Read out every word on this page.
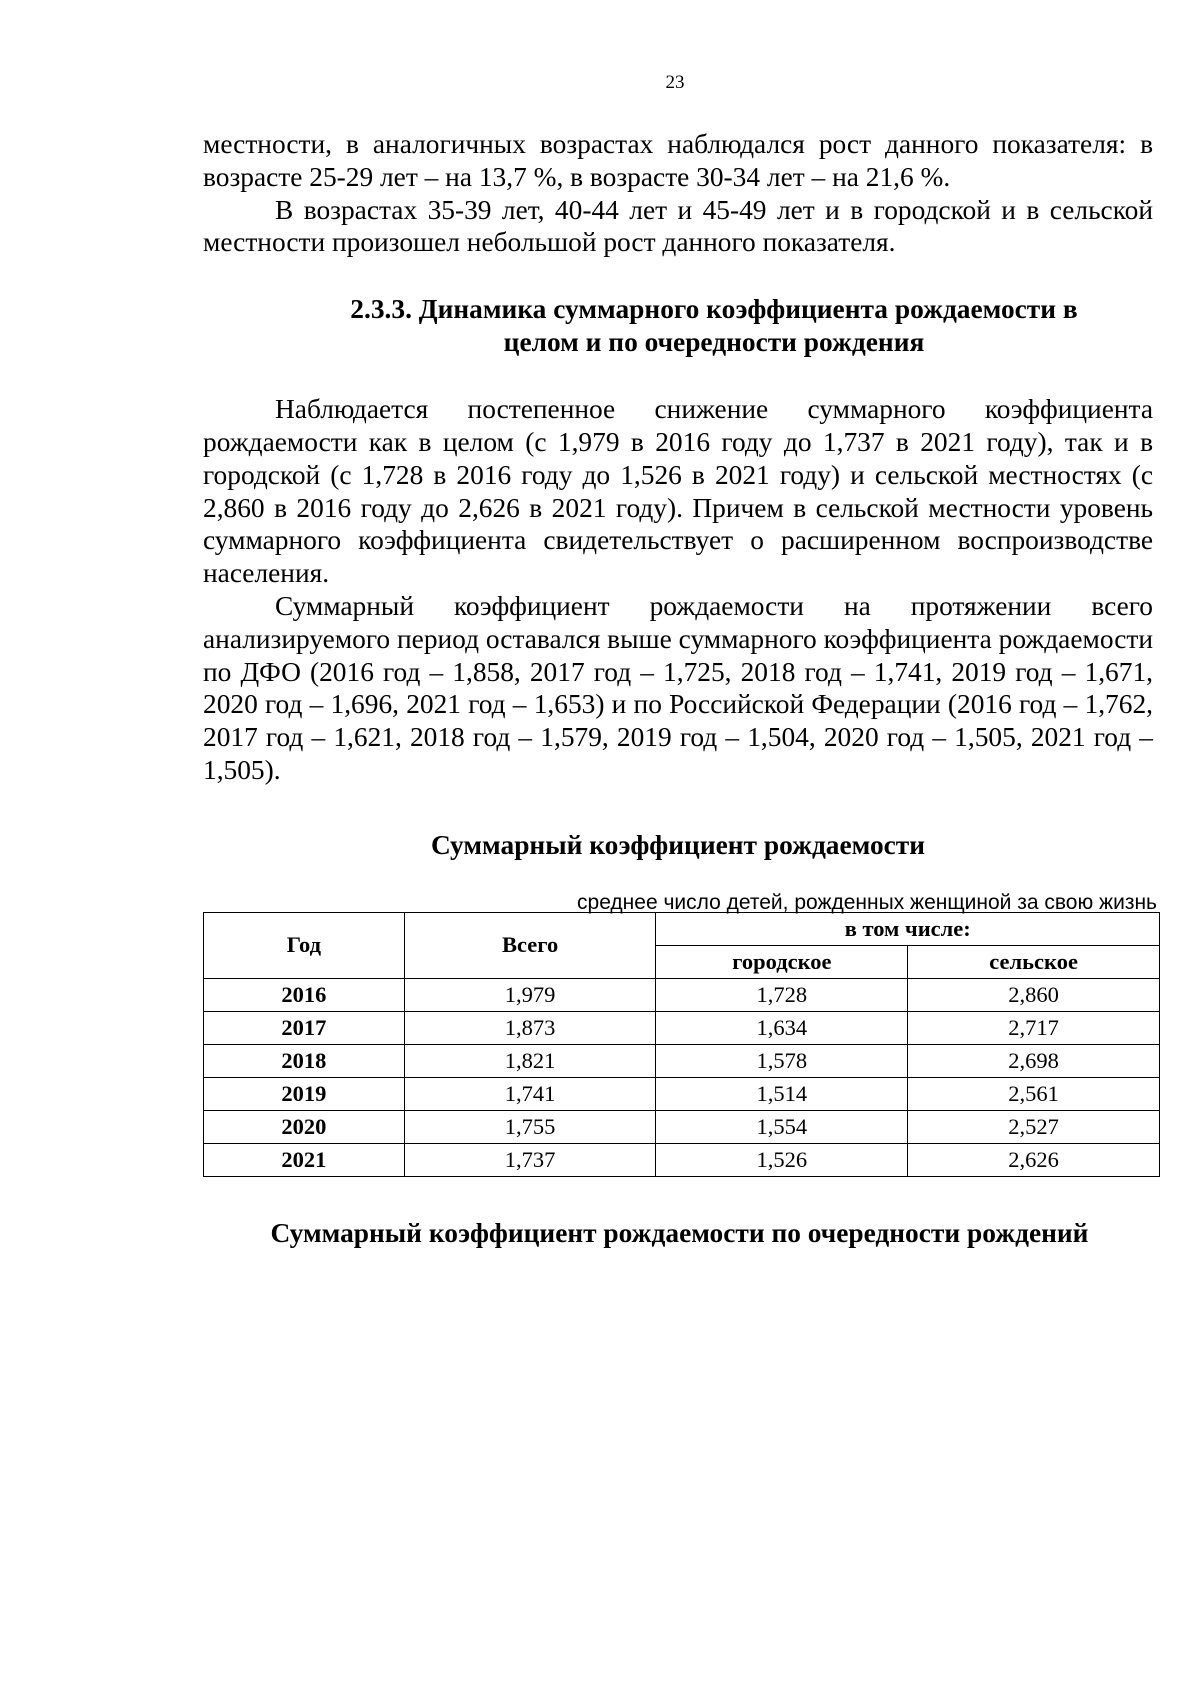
23

местности, в аналогичных возрастах наблюдался рост данного показателя: в возрасте 25-29 лет – на 13,7 %, в возрасте 30-34 лет – на 21,6 %.

В возрастах 35-39 лет, 40-44 лет и 45-49 лет и в городской и в сельской местности произошел небольшой рост данного показателя.

2.3.3. Динамика суммарного коэффициента рождаемости в
целом и по очередности рождения

Наблюдается постепенное снижение суммарного коэффициента рождаемости как в целом (с 1,979 в 2016 году до 1,737 в 2021 году), так и в городской (с 1,728 в 2016 году до 1,526 в 2021 году) и сельской местностях (с 2,860 в 2016 году до 2,626 в 2021 году). Причем в сельской местности уровень суммарного коэффициента свидетельствует о расширенном воспроизводстве населения.

Суммарный коэффициент рождаемости на протяжении всего анализируемого период оставался выше суммарного коэффициента рождаемости по ДФО (2016 год – 1,858, 2017 год – 1,725, 2018 год – 1,741, 2019 год – 1,671, 2020 год – 1,696, 2021 год – 1,653) и по Российской Федерации (2016 год – 1,762, 2017 год – 1,621, 2018 год – 1,579, 2019 год – 1,504, 2020 год – 1,505, 2021 год – 1,505).

Суммарный коэффициент рождаемости
среднее число детей, рожденных женщиной за свою жизнь
Год	Всего	в том числе:	
		городское	сельское
2016	1,979	1,728	2,860
2017	1,873	1,634	2,717
2018	1,821	1,578	2,698
2019	1,741	1,514	2,561
2020	1,755	1,554	2,527
2021	1,737	1,526	2,626
Суммарный коэффициент рождаемости по очередности рождений
